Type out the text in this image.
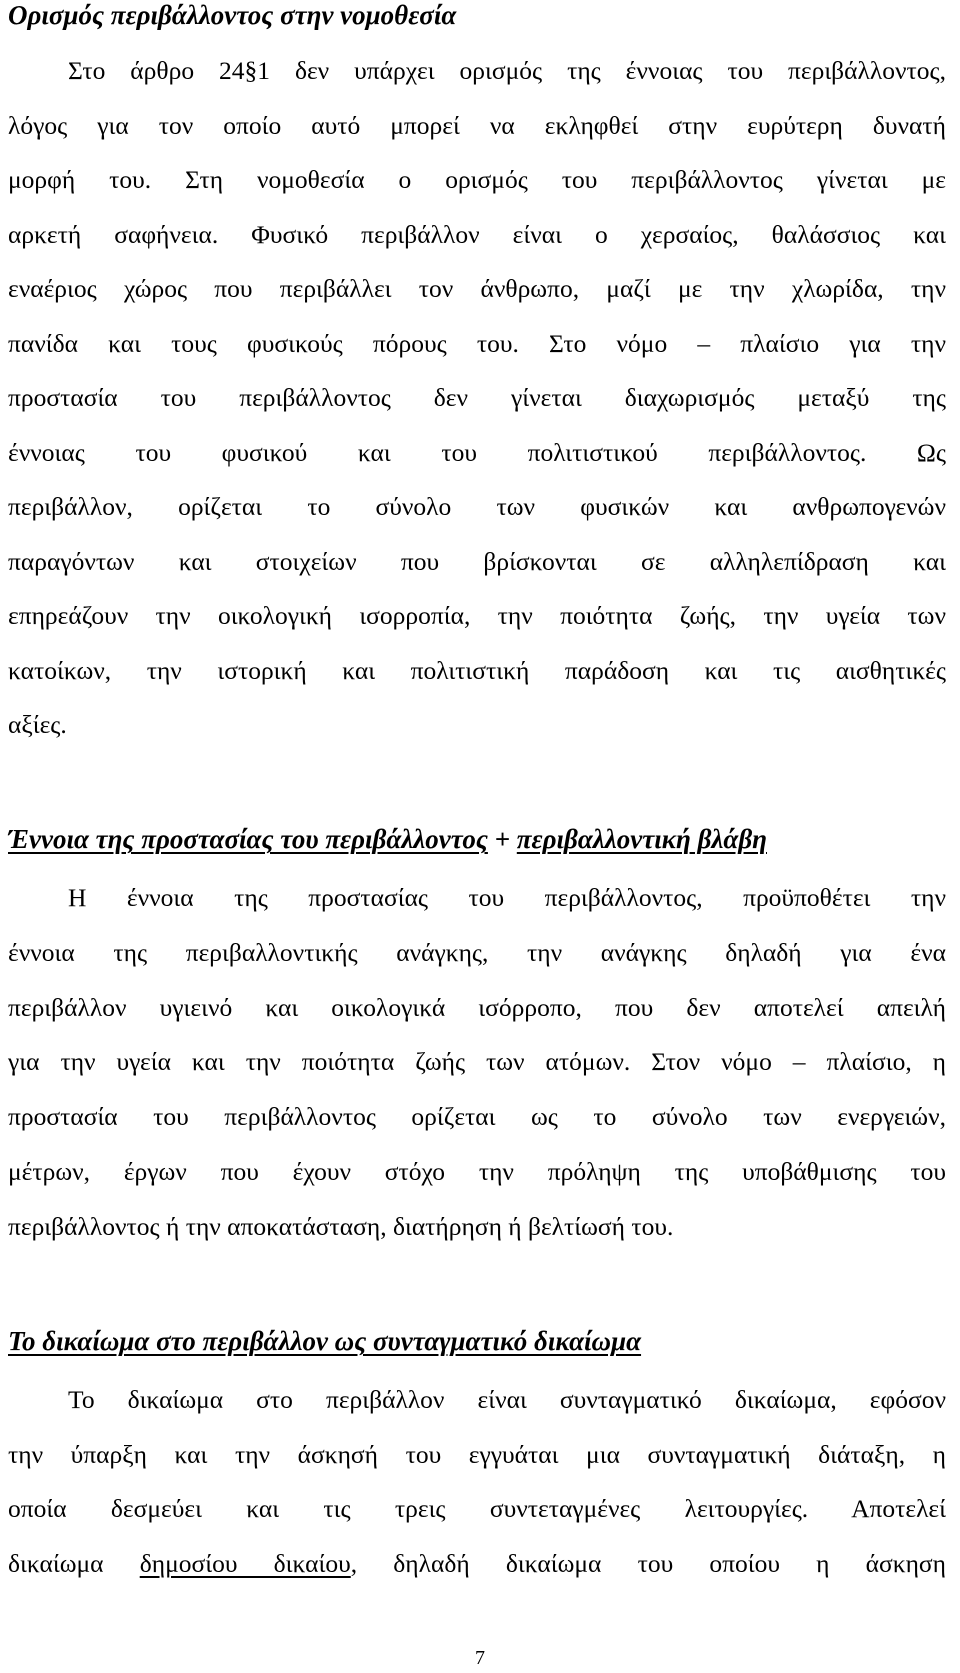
Ορισμός περιβάλλοντος στην νομοθεσία
Στο άρθρο 24§1 δεν υπάρχει ορισμός της έννοιας του περιβάλλοντος,
λόγος για τον οποίο αυτό μπορεί να εκληφθεί στην ευρύτερη δυνατή
μορφή του. Στη νομοθεσία ο ορισμός του περιβάλλοντος γίνεται με
αρκετή σαφήνεια. Φυσικό περιβάλλον είναι ο χερσαίος, θαλάσσιος και
εναέριος χώρος που περιβάλλει τον άνθρωπο, μαζί με την χλωρίδα, την
πανίδα και τους φυσικούς πόρους του. Στο νόμο – πλαίσιο για την
προστασία του περιβάλλοντος δεν γίνεται διαχωρισμός μεταξύ της
έννοιας του φυσικού και του πολιτιστικού περιβάλλοντος. Ως
περιβάλλον, ορίζεται το σύνολο των φυσικών και ανθρωπογενών
παραγόντων και στοιχείων που βρίσκονται σε αλληλεπίδραση και
επηρεάζουν την οικολογική ισορροπία, την ποιότητα ζωής, την υγεία των
κατοίκων, την ιστορική και πολιτιστική παράδοση και τις αισθητικές
αξίες.
Έννοια της προστασίας του περιβάλλοντος + περιβαλλοντική βλάβη
Η έννοια της προστασίας του περιβάλλοντος, προϋποθέτει την
έννοια της περιβαλλοντικής ανάγκης, την ανάγκης δηλαδή για ένα
περιβάλλον υγιεινό και οικολογικά ισόρροπο, που δεν αποτελεί απειλή
για την υγεία και την ποιότητα ζωής των ατόμων. Στον νόμο – πλαίσιο, η
προστασία του περιβάλλοντος ορίζεται ως το σύνολο των ενεργειών,
μέτρων, έργων που έχουν στόχο την πρόληψη της υποβάθμισης του
περιβάλλοντος ή την αποκατάσταση, διατήρηση ή βελτίωσή του.
Το δικαίωμα στο περιβάλλον ως συνταγματικό δικαίωμα
Το δικαίωμα στο περιβάλλον είναι συνταγματικό δικαίωμα, εφόσον
την ύπαρξη και την άσκησή του εγγυάται μια συνταγματική διάταξη, η
οποία δεσμεύει και τις τρεις συντεταγμένες λειτουργίες. Αποτελεί
δικαίωμα δημοσίου δικαίου, δηλαδή δικαίωμα του οποίου η άσκηση
7
